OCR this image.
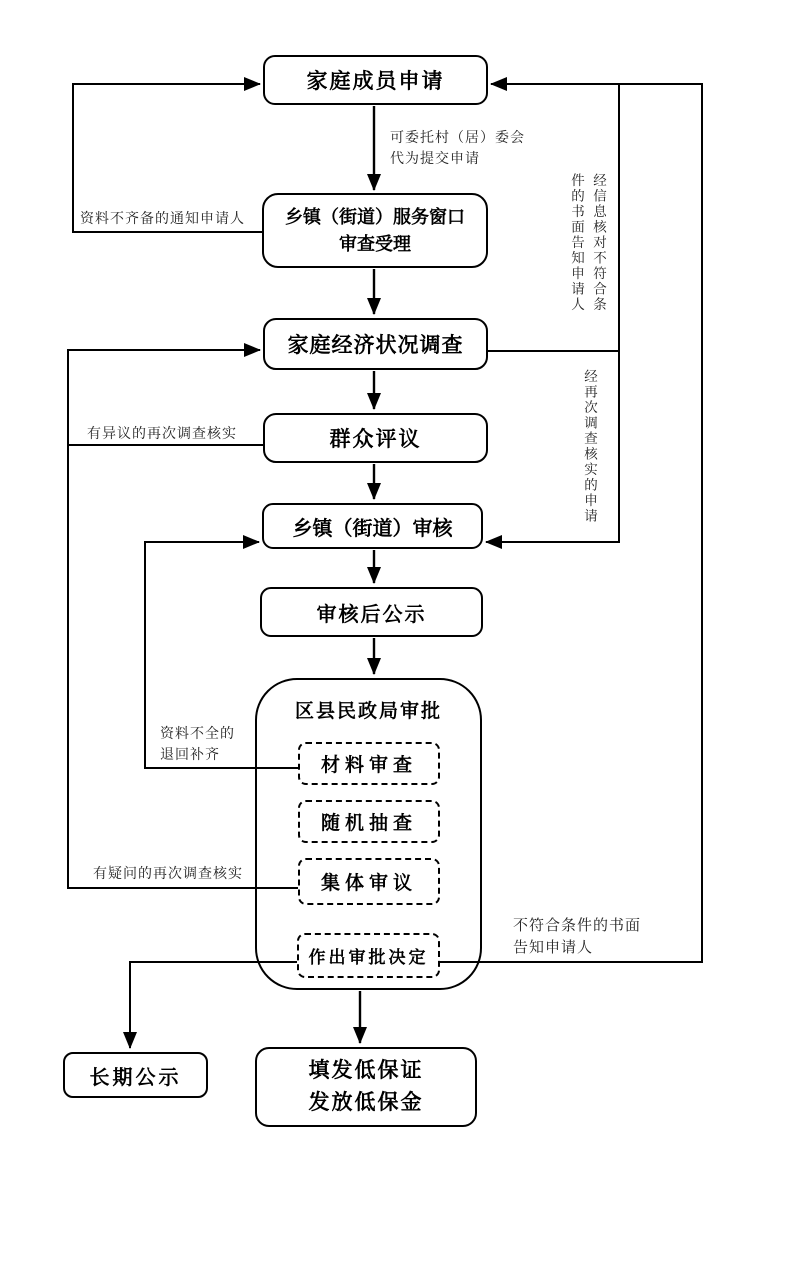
家庭成员申请
乡镇（街道）服务窗口
审查受理
家庭经济状况调查
群众评议
乡镇（街道）审核
审核后公示
区县民政局审批
材料审查
随机抽查
集体审议
作出审批决定
长期公示	填发低保证
发放低保金
可委托村（居）委会
代为提交申请
资料不齐备的通知申请人
有异议的再次调查核实
资料不全的
退回补齐
有疑问的再次调查核实
不符合条件的书面
告知申请人
经信息核对不符合条
件的书面告知申请人
经再次调查核实的申请
